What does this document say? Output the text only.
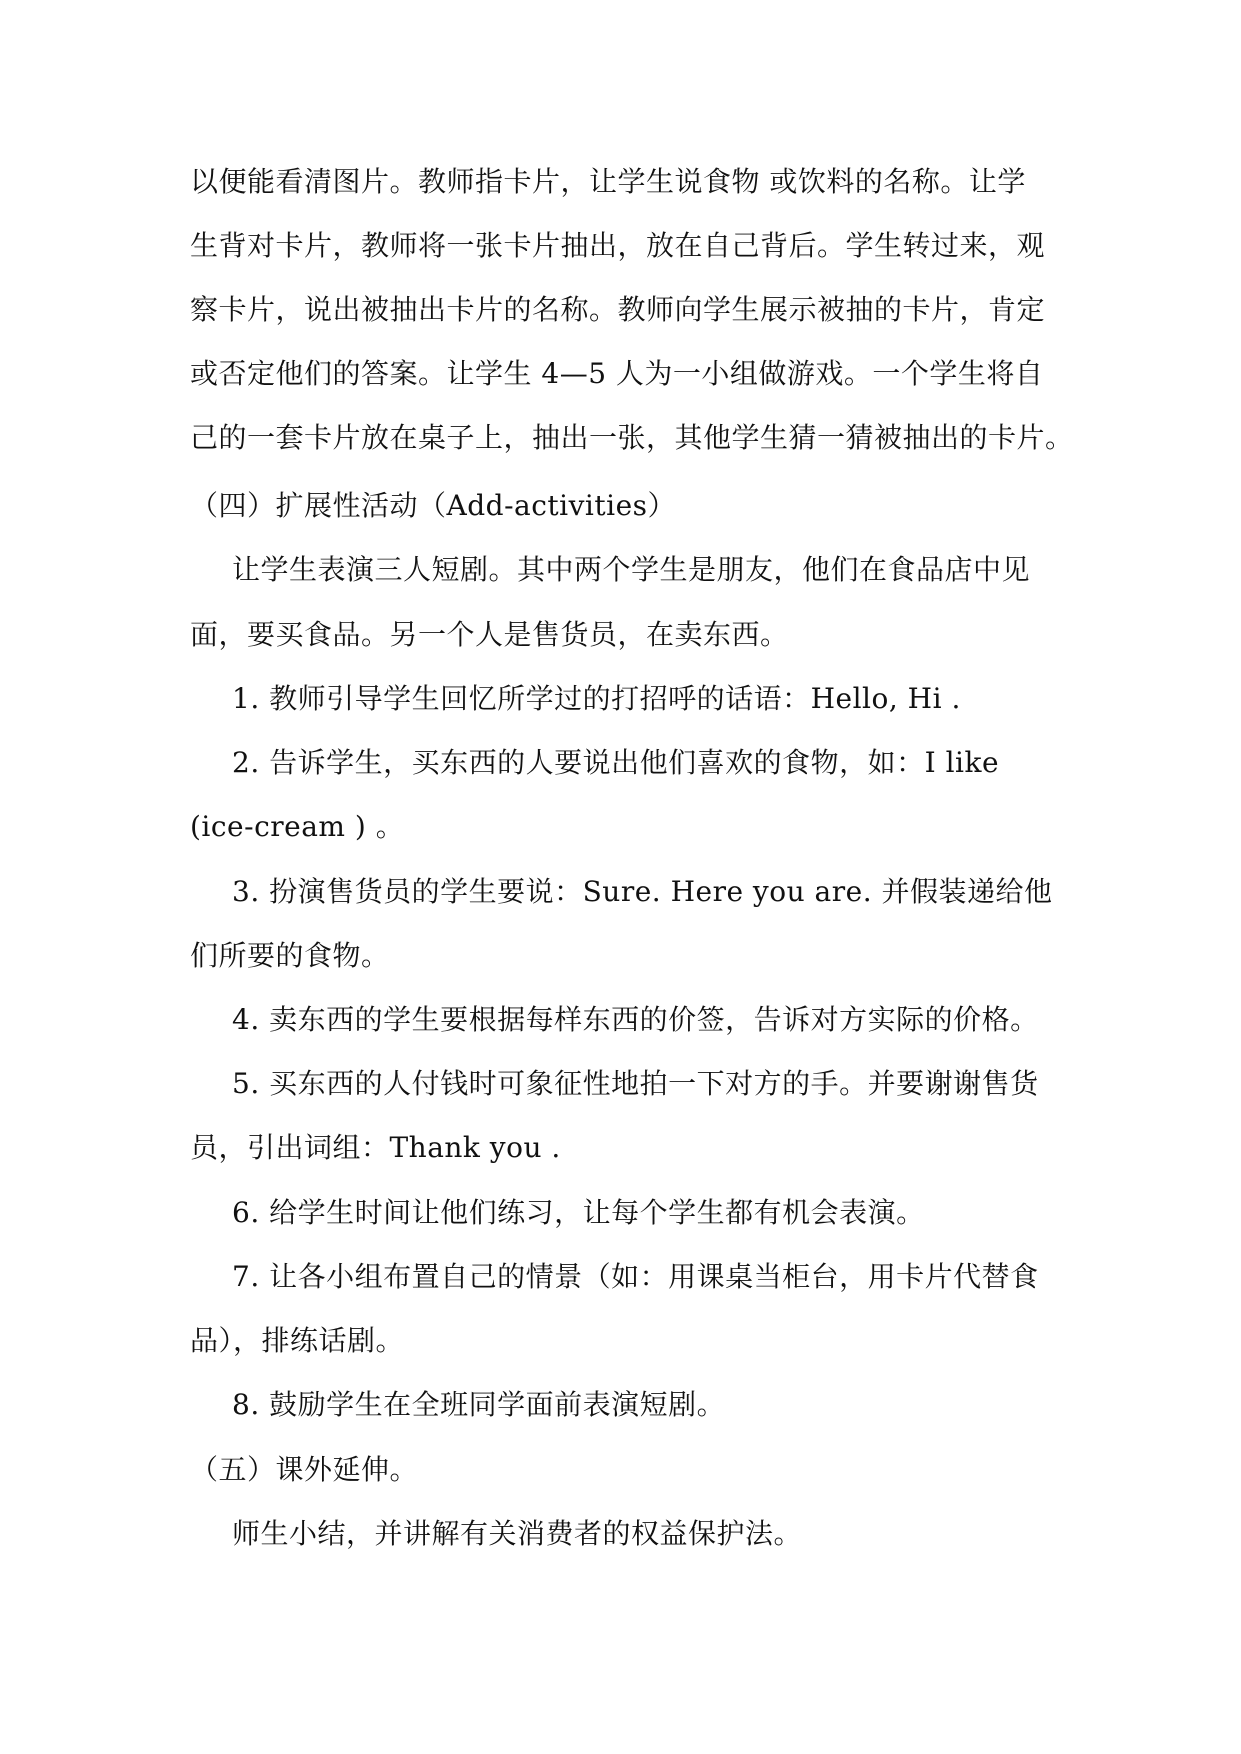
以便能看清图片。教师指卡片，让学生说食物 或饮料的名称。让学
生背对卡片，教师将一张卡片抽出，放在自己背后。学生转过来，观
察卡片，说出被抽出卡片的名称。教师向学生展示被抽的卡片，肯定
或否定他们的答案。让学生 4—5 人为一小组做游戏。一个学生将自
己的一套卡片放在桌子上，抽出一张，其他学生猜一猜被抽出的卡片。
（四）扩展性活动（Add-activities）
让学生表演三人短剧。其中两个学生是朋友，他们在食品店中见
面，要买食品。另一个人是售货员，在卖东西。
1. 教师引导学生回忆所学过的打招呼的话语：Hello, Hi .
2. 告诉学生，买东西的人要说出他们喜欢的食物，如：I like
(ice-cream ) 。
3. 扮演售货员的学生要说：Sure. Here you are. 并假装递给他
们所要的食物。
4. 卖东西的学生要根据每样东西的价签，告诉对方实际的价格。
5. 买东西的人付钱时可象征性地拍一下对方的手。并要谢谢售货
员，引出词组：Thank you .
6. 给学生时间让他们练习，让每个学生都有机会表演。
7. 让各小组布置自己的情景（如：用课桌当柜台，用卡片代替食
品），排练话剧。
8. 鼓励学生在全班同学面前表演短剧。
（五）课外延伸。
师生小结，并讲解有关消费者的权益保护法。
